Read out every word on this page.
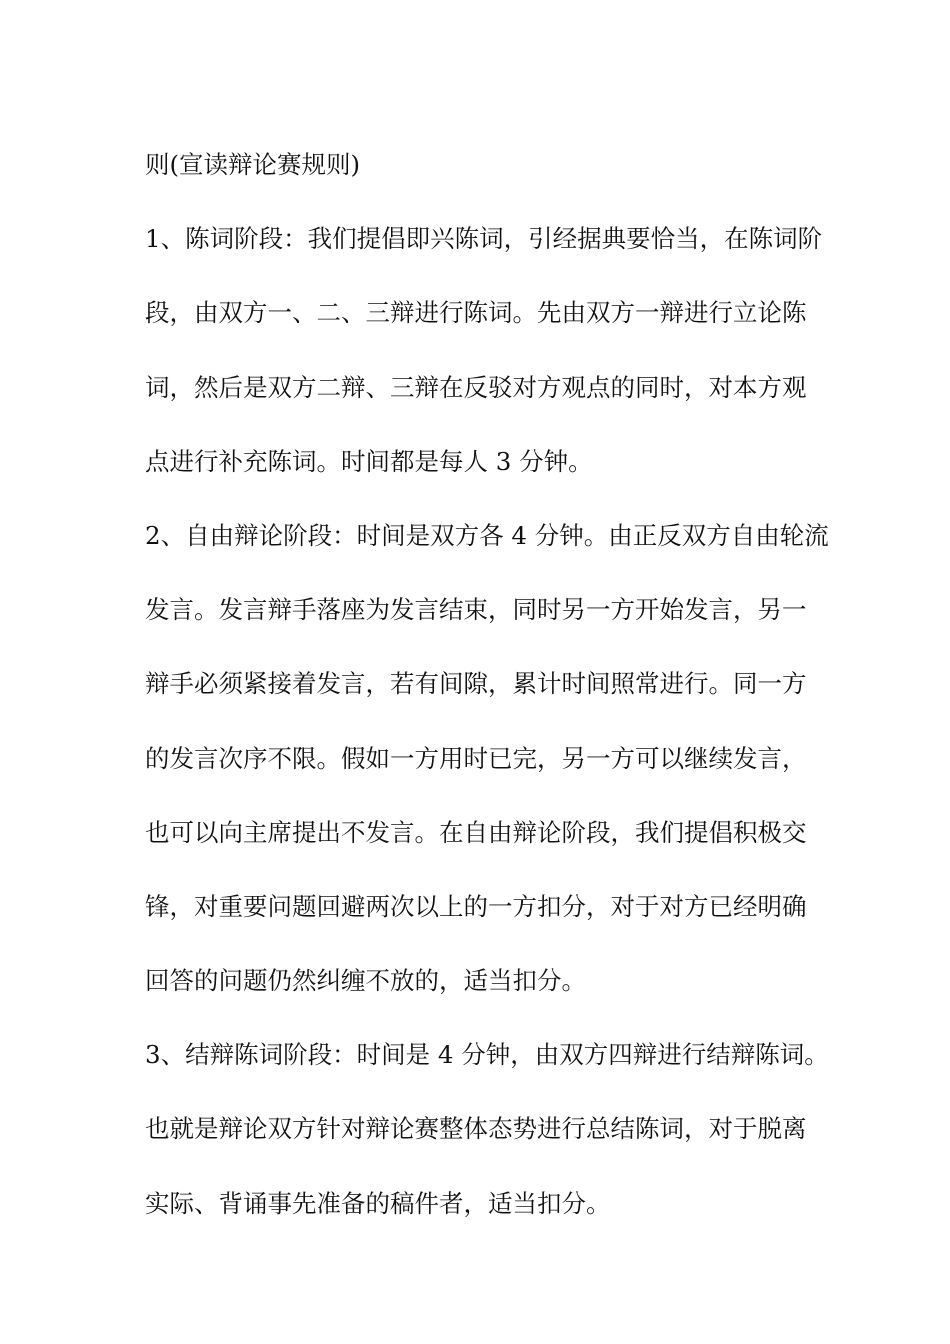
则(宣读辩论赛规则)
1、陈词阶段：我们提倡即兴陈词，引经据典要恰当，在陈词阶
段，由双方一、二、三辩进行陈词。先由双方一辩进行立论陈
词，然后是双方二辩、三辩在反驳对方观点的同时，对本方观
点进行补充陈词。时间都是每人 3 分钟。
2、自由辩论阶段：时间是双方各 4 分钟。由正反双方自由轮流
发言。发言辩手落座为发言结束，同时另一方开始发言，另一
辩手必须紧接着发言，若有间隙，累计时间照常进行。同一方
的发言次序不限。假如一方用时已完，另一方可以继续发言，
也可以向主席提出不发言。在自由辩论阶段，我们提倡积极交
锋，对重要问题回避两次以上的一方扣分，对于对方已经明确
回答的问题仍然纠缠不放的，适当扣分。
3、结辩陈词阶段：时间是 4 分钟，由双方四辩进行结辩陈词。
也就是辩论双方针对辩论赛整体态势进行总结陈词，对于脱离
实际、背诵事先准备的稿件者，适当扣分。
